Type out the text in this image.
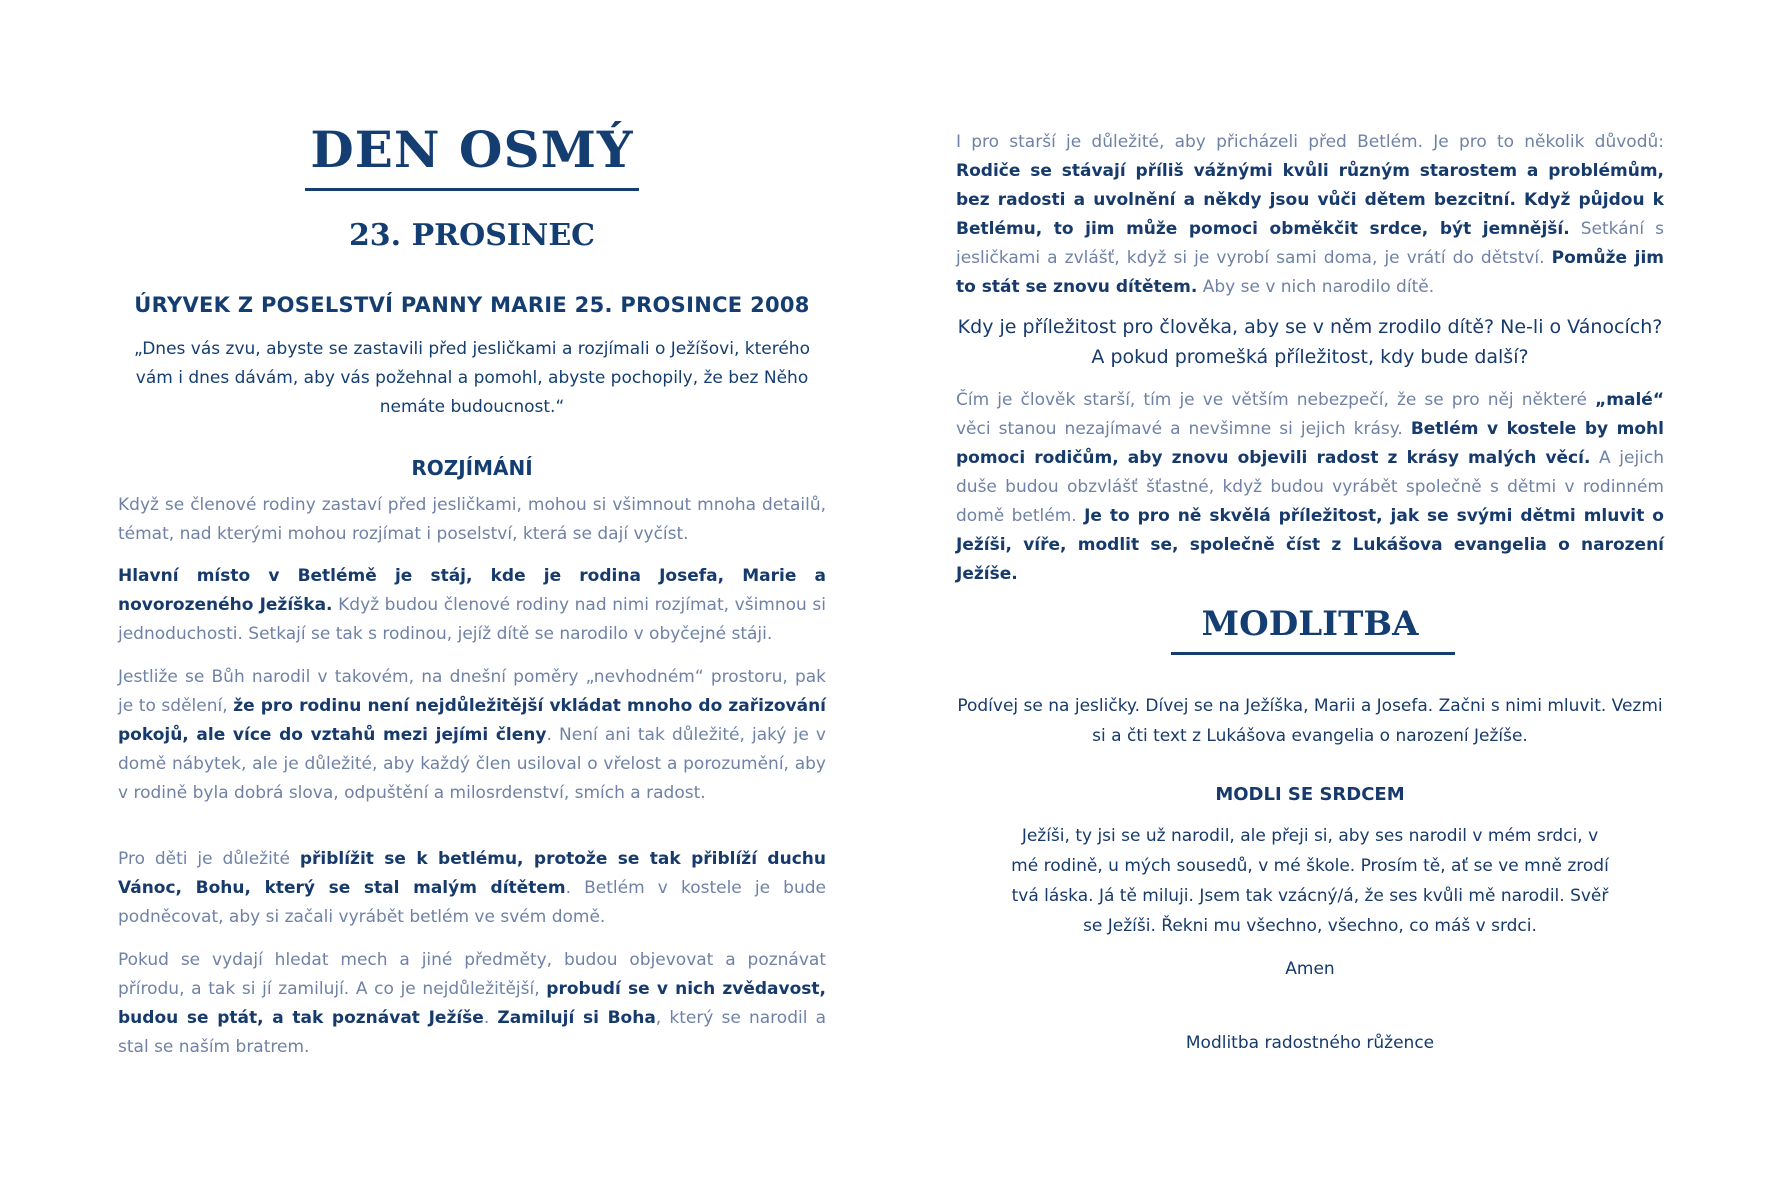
DEN OSMÝ
23. PROSINEC
ÚRYVEK Z POSELSTVÍ PANNY MARIE 25. PROSINCE 2008
„Dnes vás zvu, abyste se zastavili před jesličkami a rozjímali o Ježíšovi, kterého vám i dnes dávám, aby vás požehnal a pomohl, abyste pochopily, že bez Něho nemáte budoucnost.“
ROZJÍMÁNÍ

Když se členové rodiny zastaví před jesličkami, mohou si všimnout mnoha detailů, témat, nad kterými mohou rozjímat i poselství, která se dají vyčíst.

Hlavní místo v Betlémě je stáj, kde je rodina Josefa, Marie a novorozeného Ježíška. Když budou členové rodiny nad nimi rozjímat, všimnou si jednoduchosti. Setkají se tak s rodinou, jejíž dítě se narodilo v obyčejné stáji.

Jestliže se Bůh narodil v takovém, na dnešní poměry „nevhodném“ prostoru, pak je to sdělení, že pro rodinu není nejdůležitější vkládat mnoho do zařizování pokojů, ale více do vztahů mezi jejími členy. Není ani tak důležité, jaký je v domě nábytek, ale je důležité, aby každý člen usiloval o vřelost a porozumění, aby v rodině byla dobrá slova, odpuštění a milosrdenství, smích a radost.

Pro děti je důležité přiblížit se k betlému, protože se tak přiblíží duchu Vánoc, Bohu, který se stal malým dítětem. Betlém v kostele je bude podněcovat, aby si začali vyrábět betlém ve svém domě.

Pokud se vydají hledat mech a jiné předměty, budou objevovat a poznávat přírodu, a tak si jí zamilují. A co je nejdůležitější, probudí se v nich zvědavost, budou se ptát, a tak poznávat Ježíše. Zamilují si Boha, který se narodil a stal se naším bratrem.

I pro starší je důležité, aby přicházeli před Betlém. Je pro to několik důvodů: Rodiče se stávají příliš vážnými kvůli různým starostem a problémům, bez radosti a uvolnění a někdy jsou vůči dětem bezcitní. Když půjdou k Betlému, to jim může pomoci obměkčit srdce, být jemnější. Setkání s jesličkami a zvlášť, když si je vyrobí sami doma, je vrátí do dětství. Pomůže jim to stát se znovu dítětem. Aby se v nich narodilo dítě.

Kdy je příležitost pro člověka, aby se v něm zrodilo dítě? Ne-li o Vánocích? A pokud promešká příležitost, kdy bude další?

Čím je člověk starší, tím je ve větším nebezpečí, že se pro něj některé „malé“ věci stanou nezajímavé a nevšimne si jejich krásy. Betlém v kostele by mohl pomoci rodičům, aby znovu objevili radost z krásy malých věcí. A jejich duše budou obzvlášť šťastné, když budou vyrábět společně s dětmi v rodinném domě betlém. Je to pro ně skvělá příležitost, jak se svými dětmi mluvit o Ježíši, víře, modlit se, společně číst z Lukášova evangelia o narození Ježíše.

MODLITBA
Podívej se na jesličky. Dívej se na Ježíška, Marii a Josefa. Začni s nimi mluvit. Vezmi si a čti text z Lukášova evangelia o narození Ježíše.
MODLI SE SRDCEM
Ježíši, ty jsi se už narodil, ale přeji si, aby ses narodil v mém srdci, v mé rodině, u mých sousedů, v mé škole. Prosím tě, ať se ve mně zrodí tvá láska. Já tě miluji. Jsem tak vzácný/á, že ses kvůli mě narodil. Svěř se Ježíši. Řekni mu všechno, všechno, co máš v srdci.
Amen
Modlitba radostného růžence
